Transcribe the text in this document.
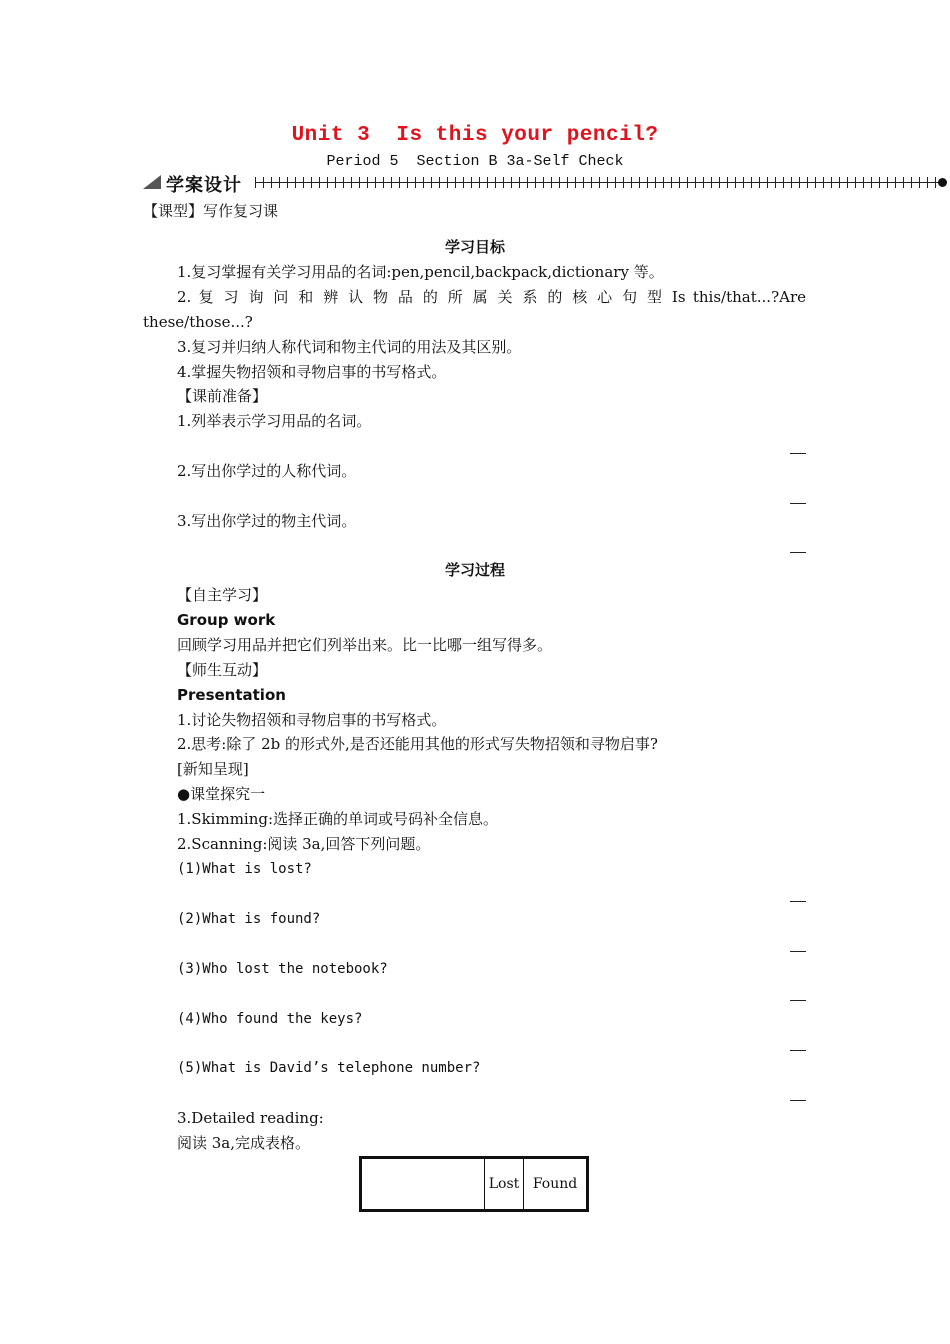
Unit 3  Is this your pencil?
Period 5  Section B 3a-Self Check
学案设计
【课型】写作复习课
学习目标
1.复习掌握有关学习用品的名词:pen,pencil,backpack,dictionary 等。
2. 复 习 询 问 和 辨 认 物 品 的 所 属 关 系 的 核 心 句 型 Is this/that...?Are
these/those...?
3.复习并归纳人称代词和物主代词的用法及其区别。
4.掌握失物招领和寻物启事的书写格式。
【课前准备】
1.列举表示学习用品的名词。
2.写出你学过的人称代词。
3.写出你学过的物主代词。
学习过程
【自主学习】
Group work
回顾学习用品并把它们列举出来。比一比哪一组写得多。
【师生互动】
Presentation
1.讨论失物招领和寻物启事的书写格式。
2.思考:除了 2b 的形式外,是否还能用其他的形式写失物招领和寻物启事?
[新知呈现]
●课堂探究一
1.Skimming:选择正确的单词或号码补全信息。
2.Scanning:阅读 3a,回答下列问题。
(1)What is lost?
(2)What is found?
(3)Who lost the notebook?
(4)Who found the keys?
(5)What is David’s telephone number?
3.Detailed reading:
阅读 3a,完成表格。
	Lost	Found
